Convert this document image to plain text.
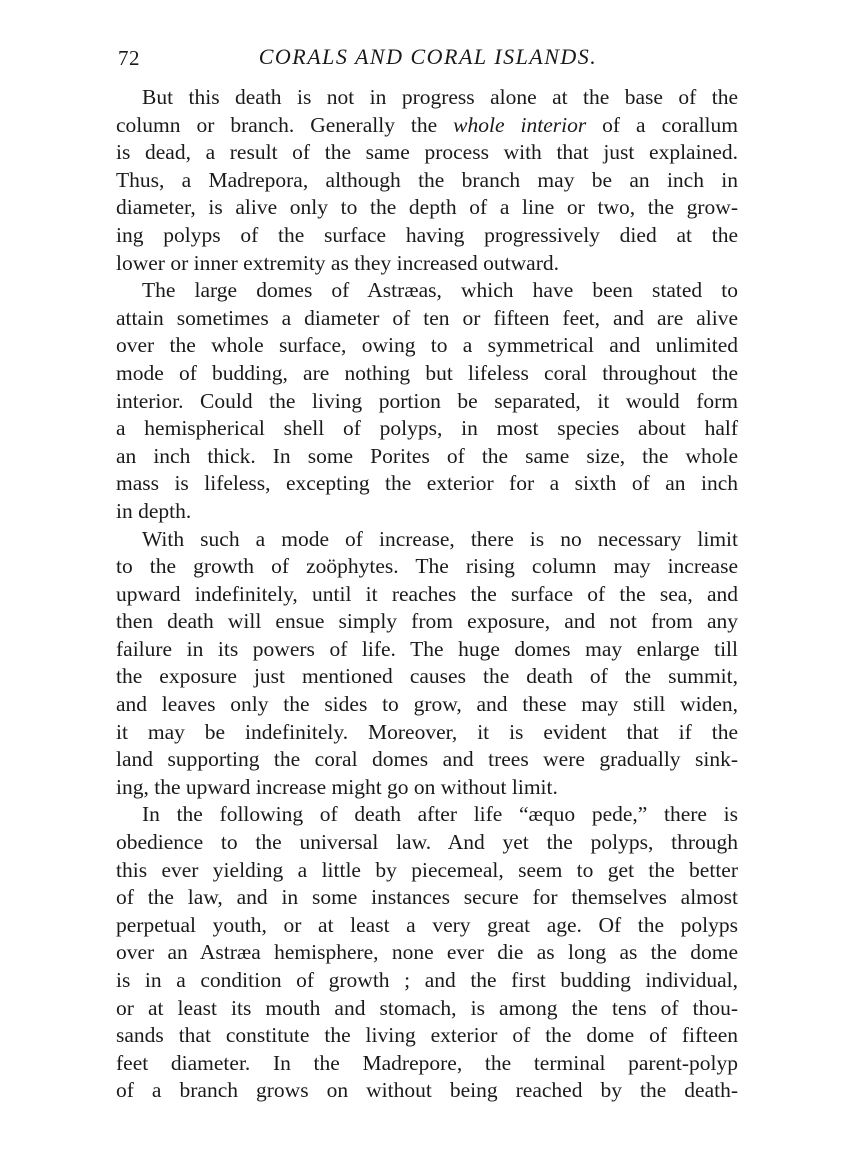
72	CORALS AND CORAL ISLANDS.

But this death is not in progress alone at the base of the
column or branch. Generally the whole interior of a corallum
is dead, a result of the same process with that just explained.
Thus, a Madrepora, although the branch may be an inch in
diameter, is alive only to the depth of a line or two, the grow-
ing polyps of the surface having progressively died at the
lower or inner extremity as they increased outward.

The large domes of Astræas, which have been stated to
attain sometimes a diameter of ten or fifteen feet, and are alive
over the whole surface, owing to a symmetrical and unlimited
mode of budding, are nothing but lifeless coral throughout the
interior. Could the living portion be separated, it would form
a hemispherical shell of polyps, in most species about half
an inch thick. In some Porites of the same size, the whole
mass is lifeless, excepting the exterior for a sixth of an inch
in depth.

With such a mode of increase, there is no necessary limit
to the growth of zoöphytes. The rising column may increase
upward indefinitely, until it reaches the surface of the sea, and
then death will ensue simply from exposure, and not from any
failure in its powers of life. The huge domes may enlarge till
the exposure just mentioned causes the death of the summit,
and leaves only the sides to grow, and these may still widen,
it may be indefinitely. Moreover, it is evident that if the
land supporting the coral domes and trees were gradually sink-
ing, the upward increase might go on without limit.

In the following of death after life “æquo pede,” there is
obedience to the universal law. And yet the polyps, through
this ever yielding a little by piecemeal, seem to get the better
of the law, and in some instances secure for themselves almost
perpetual youth, or at least a very great age. Of the polyps
over an Astræa hemisphere, none ever die as long as the dome
is in a condition of growth ; and the first budding individual,
or at least its mouth and stomach, is among the tens of thou-
sands that constitute the living exterior of the dome of fifteen
feet diameter. In the Madrepore, the terminal parent-polyp
of a branch grows on without being reached by the death-
